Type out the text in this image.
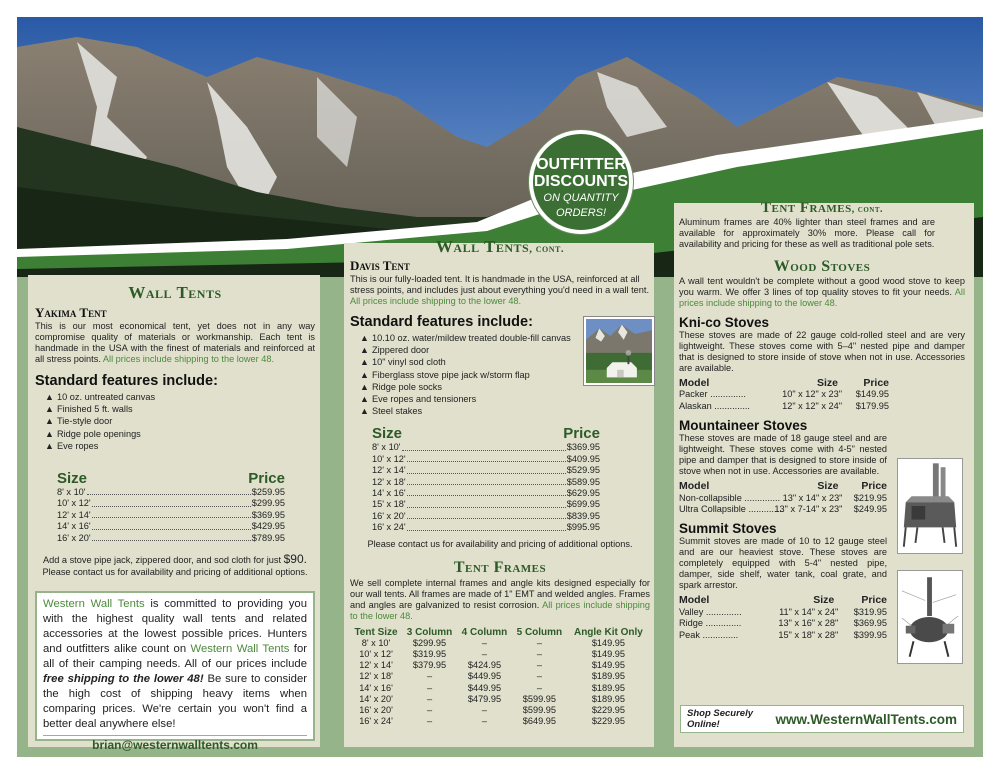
OUTFITTER
DISCOUNTS
ON QUANTITY
ORDERS!
Wall Tents
Yakima Tent
This is our most economical tent, yet does not in any way compromise quality of materials or workmanship. Each tent is handmade in the USA with the finest of materials and reinforced at all stress points. All prices include shipping to the lower 48.
Standard features include:
▲ 10 oz. untreated canvas
▲ Finished 5 ft. walls
▲ Tie-style door
▲ Ridge pole openings
▲ Eve ropes
Size	Price
8' x 10'	$259.95
10' x 12'	$299.95
12' x 14'	$369.95
14' x 16'	$429.95
16' x 20'	$789.95
Add a stove pipe jack, zippered door, and sod cloth for just $90.
Please contact us for availability and pricing of additional options.
Western Wall Tents is committed to providing you with the highest quality wall tents and related accessories at the lowest possible prices. Hunters and outfitters alike count on Western Wall Tents for all of their camping needs. All of our prices include free shipping to the lower 48! Be sure to consider the high cost of shipping heavy items when comparing prices. We're certain you won't find a better deal anywhere else!
brian@westernwalltents.com
Wall Tents, cont.
Davis Tent
This is our fully-loaded tent. It is handmade in the USA, reinforced at all stress points, and includes just about everything you'd need in a wall tent. All prices include shipping to the lower 48.
Standard features include:
▲ 10.10 oz. water/mildew treated double-fill canvas
▲ Zippered door
▲ 10" vinyl sod cloth
▲ Fiberglass stove pipe jack w/storm flap
▲ Ridge pole socks
▲ Eve ropes and tensioners
▲ Steel stakes
Size	Price
8' x 10'	$369.95
10' x 12'	$409.95
12' x 14'	$529.95
12' x 18'	$589.95
14' x 16'	$629.95
15' x 18'	$699.95
16' x 20'	$839.95
16' x 24'	$995.95
Please contact us for availability and pricing of additional options.
Tent Frames
We sell complete internal frames and angle kits designed especially for our wall tents. All frames are made of 1" EMT and welded angles. Frames and angles are galvanized to resist corrosion. All prices include shipping to the lower 48.
Tent Size	3 Column	4 Column	5 Column	Angle Kit Only
8' x 10'	$299.95	–	–	$149.95
10' x 12'	$319.95	–	–	$149.95
12' x 14'	$379.95	$424.95	–	$149.95
12' x 18'	–	$449.95	–	$189.95
14' x 16'	–	$449.95	–	$189.95
14' x 20'	–	$479.95	$599.95	$189.95
16' x 20'	–	–	$599.95	$229.95
16' x 24'	–	–	$649.95	$229.95
Tent Frames, cont.
Aluminum frames are 40% lighter than steel frames and are available for approximately 30% more. Please call for availability and pricing for these as well as traditional pole sets.
Wood Stoves
A wall tent wouldn't be complete without a good wood stove to keep you warm. We offer 3 lines of top quality stoves to fit your needs. All prices include shipping to the lower 48.
Kni-co Stoves
These stoves are made of 22 gauge cold-rolled steel and are very lightweight. These stoves come with 5–4" nested pipe and damper that is designed to store inside of stove when not in use. Accessories are available.
Model	Size	Price
Packer ..............	10" x 12" x 23"	$149.95
Alaskan ..............	12" x 12" x 24"	$179.95
Mountaineer Stoves
These stoves are made of 18 gauge steel and are lightweight. These stoves come with 4-5" nested pipe and damper that is designed to store inside of stove when not in use. Accessories are available.
Model	Size	Price
Non-collapsible ..............	13" x 14" x 23"	$219.95
Ultra Collapsible ..............	13" x 7-14" x 23"	$249.95
Summit Stoves
Summit stoves are made of 10 to 12 gauge steel and are our heaviest stove. These stoves are completely equipped with 5-4" nested pipe, damper, side shelf, water tank, coal grate, and spark arrestor.
Model	Size	Price
Valley ..............	11" x 14" x 24"	$319.95
Ridge ..............	13" x 16" x 28"	$369.95
Peak ..............	15" x 18" x 28"	$399.95
Shop Securely Online!	www.WesternWallTents.com
